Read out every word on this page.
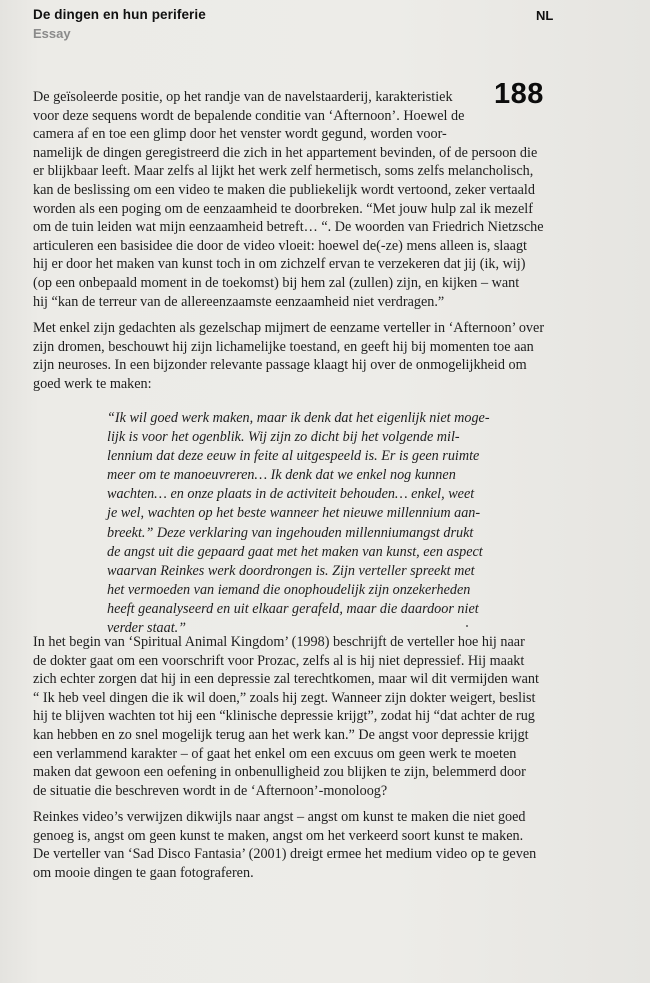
De dingen en hun periferie
Essay
NL
188
De geïsoleerde positie, op het randje van de navelstaarderij, karakteristiek
voor deze sequens wordt de bepalende conditie van ‘Afternoon’. Hoewel de
camera af en toe een glimp door het venster wordt gegund, worden voor-
namelijk de dingen geregistreerd die zich in het appartement bevinden, of de persoon die
er blijkbaar leeft. Maar zelfs al lijkt het werk zelf hermetisch, soms zelfs melancholisch,
kan de beslissing om een video te maken die publiekelijk wordt vertoond, zeker vertaald
worden als een poging om de eenzaamheid te doorbreken. “Met jouw hulp zal ik mezelf
om de tuin leiden wat mijn eenzaamheid betreft… “. De woorden van Friedrich Nietzsche
articuleren een basisidee die door de video vloeit: hoewel de(-ze) mens alleen is, slaagt
hij er door het maken van kunst toch in om zichzelf ervan te verzekeren dat jij (ik, wij)
(op een onbepaald moment in de toekomst) bij hem zal (zullen) zijn, en kijken – want
hij “kan de terreur van de allereenzaamste eenzaamheid niet verdragen.”
Met enkel zijn gedachten als gezelschap mijmert de eenzame verteller in ‘Afternoon’ over
zijn dromen, beschouwt hij zijn lichamelijke toestand, en geeft hij bij momenten toe aan
zijn neuroses. In een bijzonder relevante passage klaagt hij over de onmogelijkheid om
goed werk te maken:
“Ik wil goed werk maken, maar ik denk dat het eigenlijk niet moge-
lijk is voor het ogenblik. Wij zijn zo dicht bij het volgende mil-
lennium dat deze eeuw in feite al uitgespeeld is. Er is geen ruimte
meer om te manoeuvreren… Ik denk dat we enkel nog kunnen
wachten… en onze plaats in de activiteit behouden… enkel, weet
je wel, wachten op het beste wanneer het nieuwe millennium aan-
breekt.” Deze verklaring van ingehouden millenniumangst drukt
de angst uit die gepaard gaat met het maken van kunst, een aspect
waarvan Reinkes werk doordrongen is. Zijn verteller spreekt met
het vermoeden van iemand die onophoudelijk zijn onzekerheden
heeft geanalyseerd en uit elkaar gerafeld, maar die daardoor niet
verder staat.”
In het begin van ‘Spiritual Animal Kingdom’ (1998) beschrijft de verteller hoe hij naar
de dokter gaat om een voorschrift voor Prozac, zelfs al is hij niet depressief. Hij maakt
zich echter zorgen dat hij in een depressie zal terechtkomen, maar wil dit vermijden want
“ Ik heb veel dingen die ik wil doen,” zoals hij zegt. Wanneer zijn dokter weigert, beslist
hij te blijven wachten tot hij een “klinische depressie krijgt”, zodat hij “dat achter de rug
kan hebben en zo snel mogelijk terug aan het werk kan.” De angst voor depressie krijgt
een verlammend karakter – of gaat het enkel om een excuus om geen werk te moeten
maken dat gewoon een oefening in onbenulligheid zou blijken te zijn, belemmerd door
de situatie die beschreven wordt in de ‘Afternoon’-monoloog?
Reinkes video’s verwijzen dikwijls naar angst – angst om kunst te maken die niet goed
genoeg is, angst om geen kunst te maken, angst om het verkeerd soort kunst te maken.
De verteller van ‘Sad Disco Fantasia’ (2001) dreigt ermee het medium video op te geven
om mooie dingen te gaan fotograferen.
